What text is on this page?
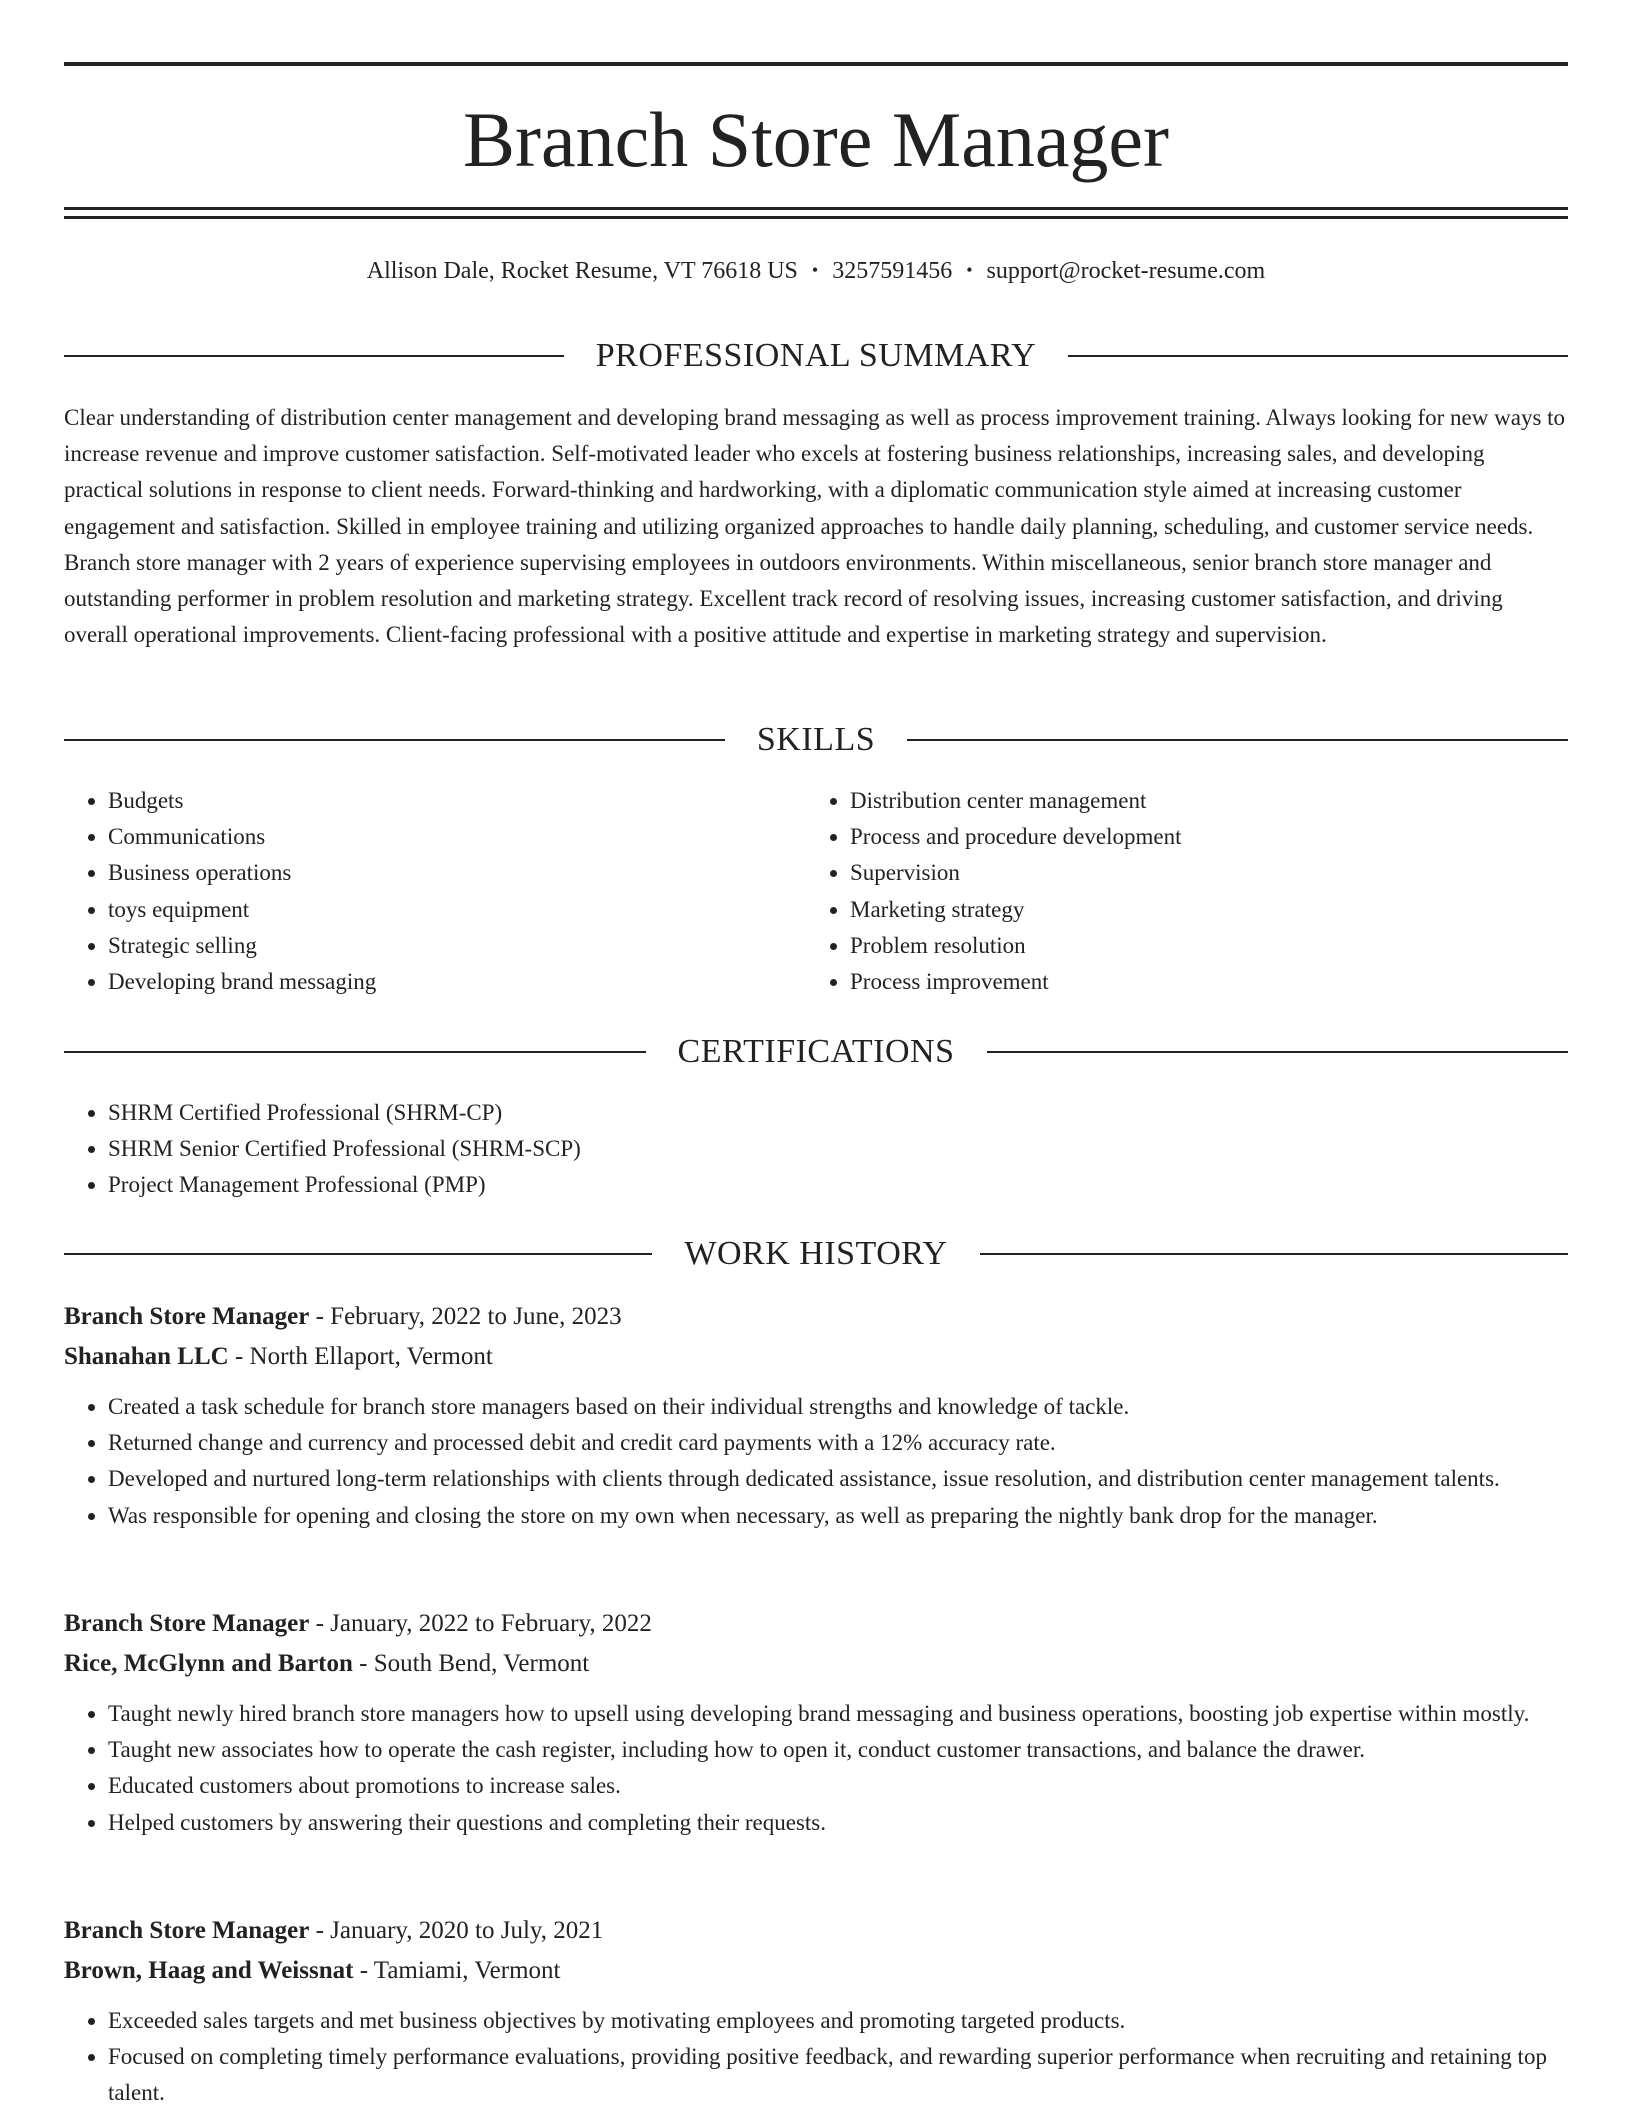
Branch Store Manager
Allison Dale, Rocket Resume, VT 76618 US • 3257591456 • support@rocket-resume.com
PROFESSIONAL SUMMARY

Clear understanding of distribution center management and developing brand messaging as well as process improvement training. Always looking for new ways to increase revenue and improve customer satisfaction. Self-motivated leader who excels at fostering business relationships, increasing sales, and developing practical solutions in response to client needs. Forward-thinking and hardworking, with a diplomatic communication style aimed at increasing customer engagement and satisfaction. Skilled in employee training and utilizing organized approaches to handle daily planning, scheduling, and customer service needs. Branch store manager with 2 years of experience supervising employees in outdoors environments. Within miscellaneous, senior branch store manager and outstanding performer in problem resolution and marketing strategy. Excellent track record of resolving issues, increasing customer satisfaction, and driving overall operational improvements. Client-facing professional with a positive attitude and expertise in marketing strategy and supervision.

SKILLS
• Budgets
• Communications
• Business operations
• toys equipment
• Strategic selling
• Developing brand messaging
• Distribution center management
• Process and procedure development
• Supervision
• Marketing strategy
• Problem resolution
• Process improvement
CERTIFICATIONS
• SHRM Certified Professional (SHRM-CP)
• SHRM Senior Certified Professional (SHRM-SCP)
• Project Management Professional (PMP)
WORK HISTORY
Branch Store Manager - February, 2022 to June, 2023
Shanahan LLC - North Ellaport, Vermont
• Created a task schedule for branch store managers based on their individual strengths and knowledge of tackle.
• Returned change and currency and processed debit and credit card payments with a 12% accuracy rate.
• Developed and nurtured long-term relationships with clients through dedicated assistance, issue resolution, and distribution center management talents.
• Was responsible for opening and closing the store on my own when necessary, as well as preparing the nightly bank drop for the manager.
Branch Store Manager - January, 2022 to February, 2022
Rice, McGlynn and Barton - South Bend, Vermont
• Taught newly hired branch store managers how to upsell using developing brand messaging and business operations, boosting job expertise within mostly.
• Taught new associates how to operate the cash register, including how to open it, conduct customer transactions, and balance the drawer.
• Educated customers about promotions to increase sales.
• Helped customers by answering their questions and completing their requests.
Branch Store Manager - January, 2020 to July, 2021
Brown, Haag and Weissnat - Tamiami, Vermont
• Exceeded sales targets and met business objectives by motivating employees and promoting targeted products.
• Focused on completing timely performance evaluations, providing positive feedback, and rewarding superior performance when recruiting and retaining top talent.
